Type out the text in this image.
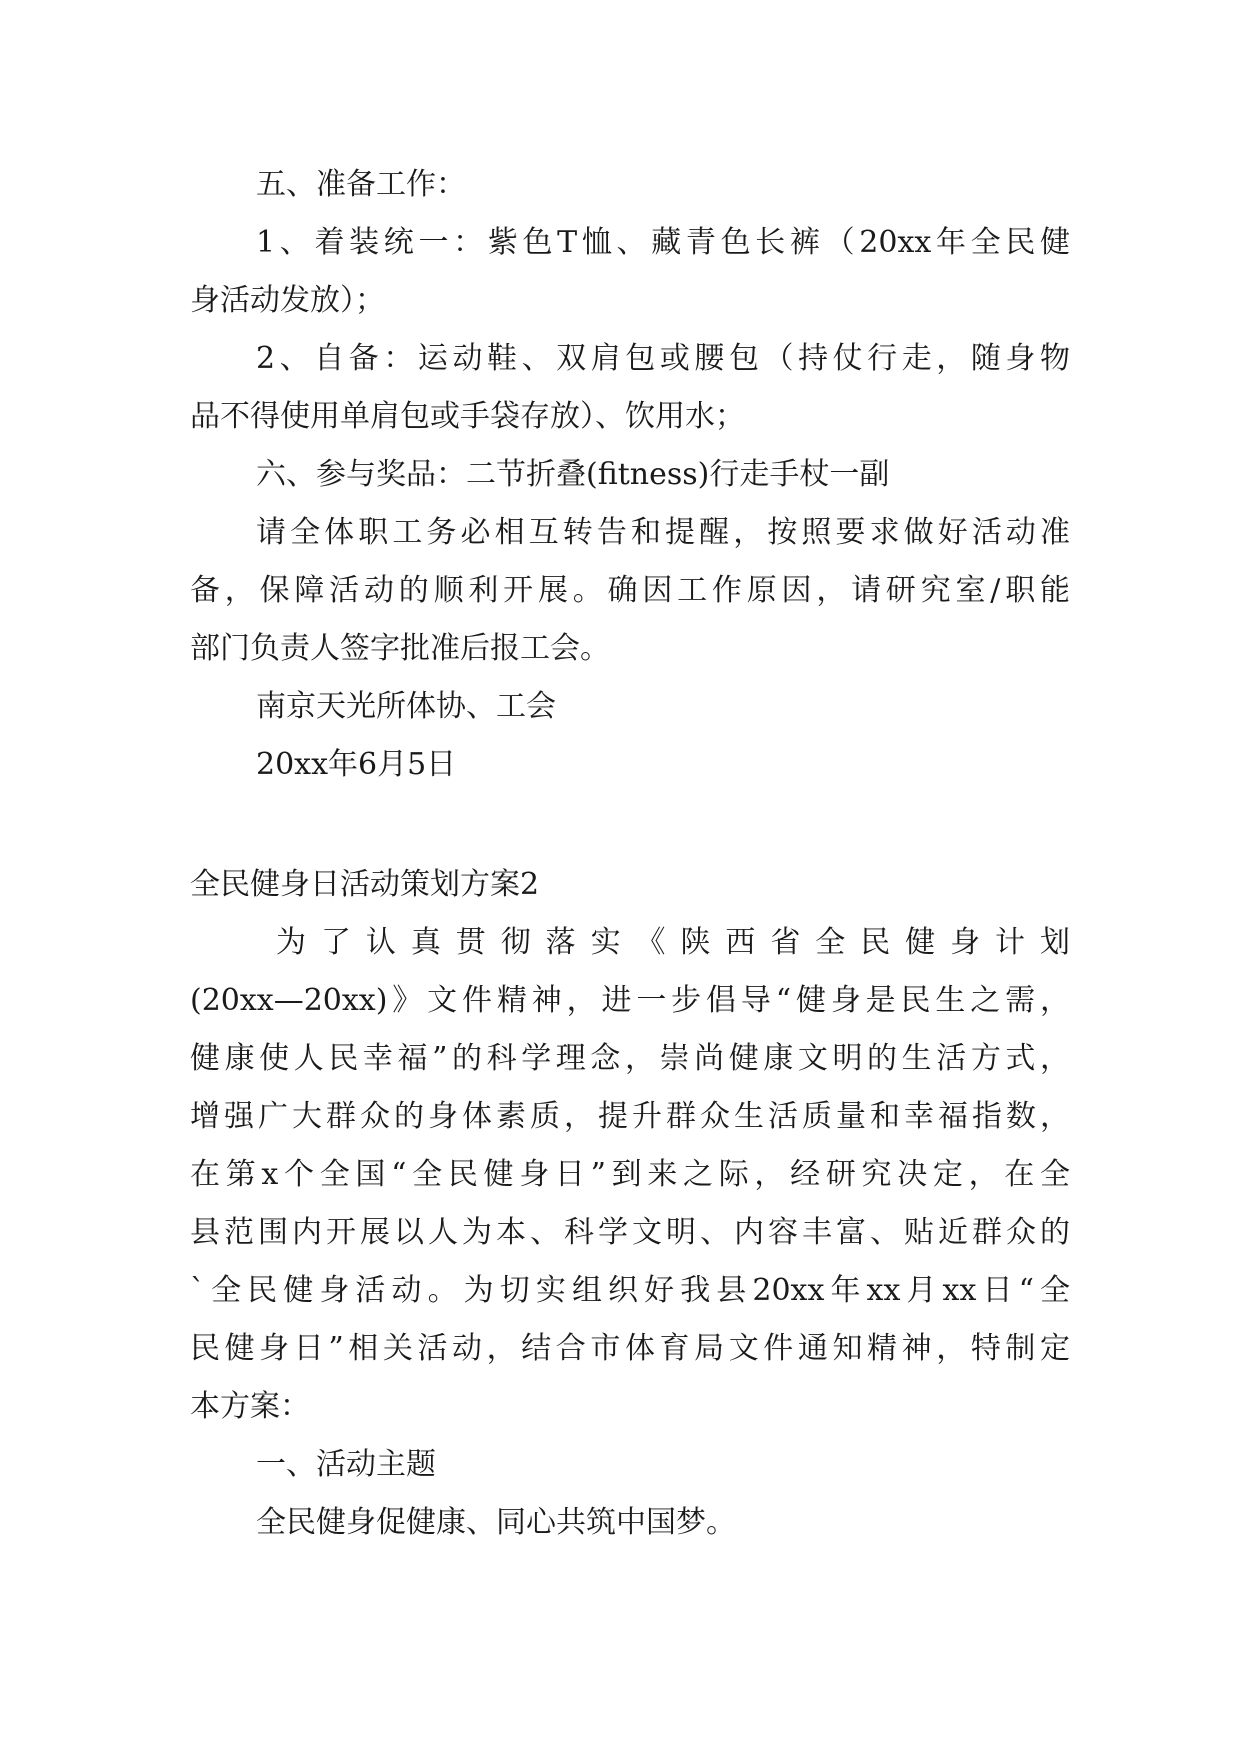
五、准备工作：

1、着装统一：紫色T恤、藏青色长裤（20xx年全民健

身活动发放）；

2、自备：运动鞋、双肩包或腰包（持仗行走，随身物

品不得使用单肩包或手袋存放）、饮用水；

六、参与奖品：二节折叠(fitness)行走手杖一副

请全体职工务必相互转告和提醒，按照要求做好活动准

备，保障活动的顺利开展。确因工作原因，请研究室/职能

部门负责人签字批准后报工会。

南京天光所体协、工会

20xx年6月5日

全民健身日活动策划方案2

为了认真贯彻落实《陕西省全民健身计划

(20xx—20xx)》文件精神，进一步倡导“健身是民生之需，

健康使人民幸福”的科学理念，崇尚健康文明的生活方式，

增强广大群众的身体素质，提升群众生活质量和幸福指数，

在第x个全国“全民健身日”到来之际，经研究决定，在全

县范围内开展以人为本、科学文明、内容丰富、贴近群众的

`全民健身活动。为切实组织好我县20xx年xx月xx日“全

民健身日”相关活动，结合市体育局文件通知精神，特制定

本方案：

一、活动主题

全民健身促健康、同心共筑中国梦。
